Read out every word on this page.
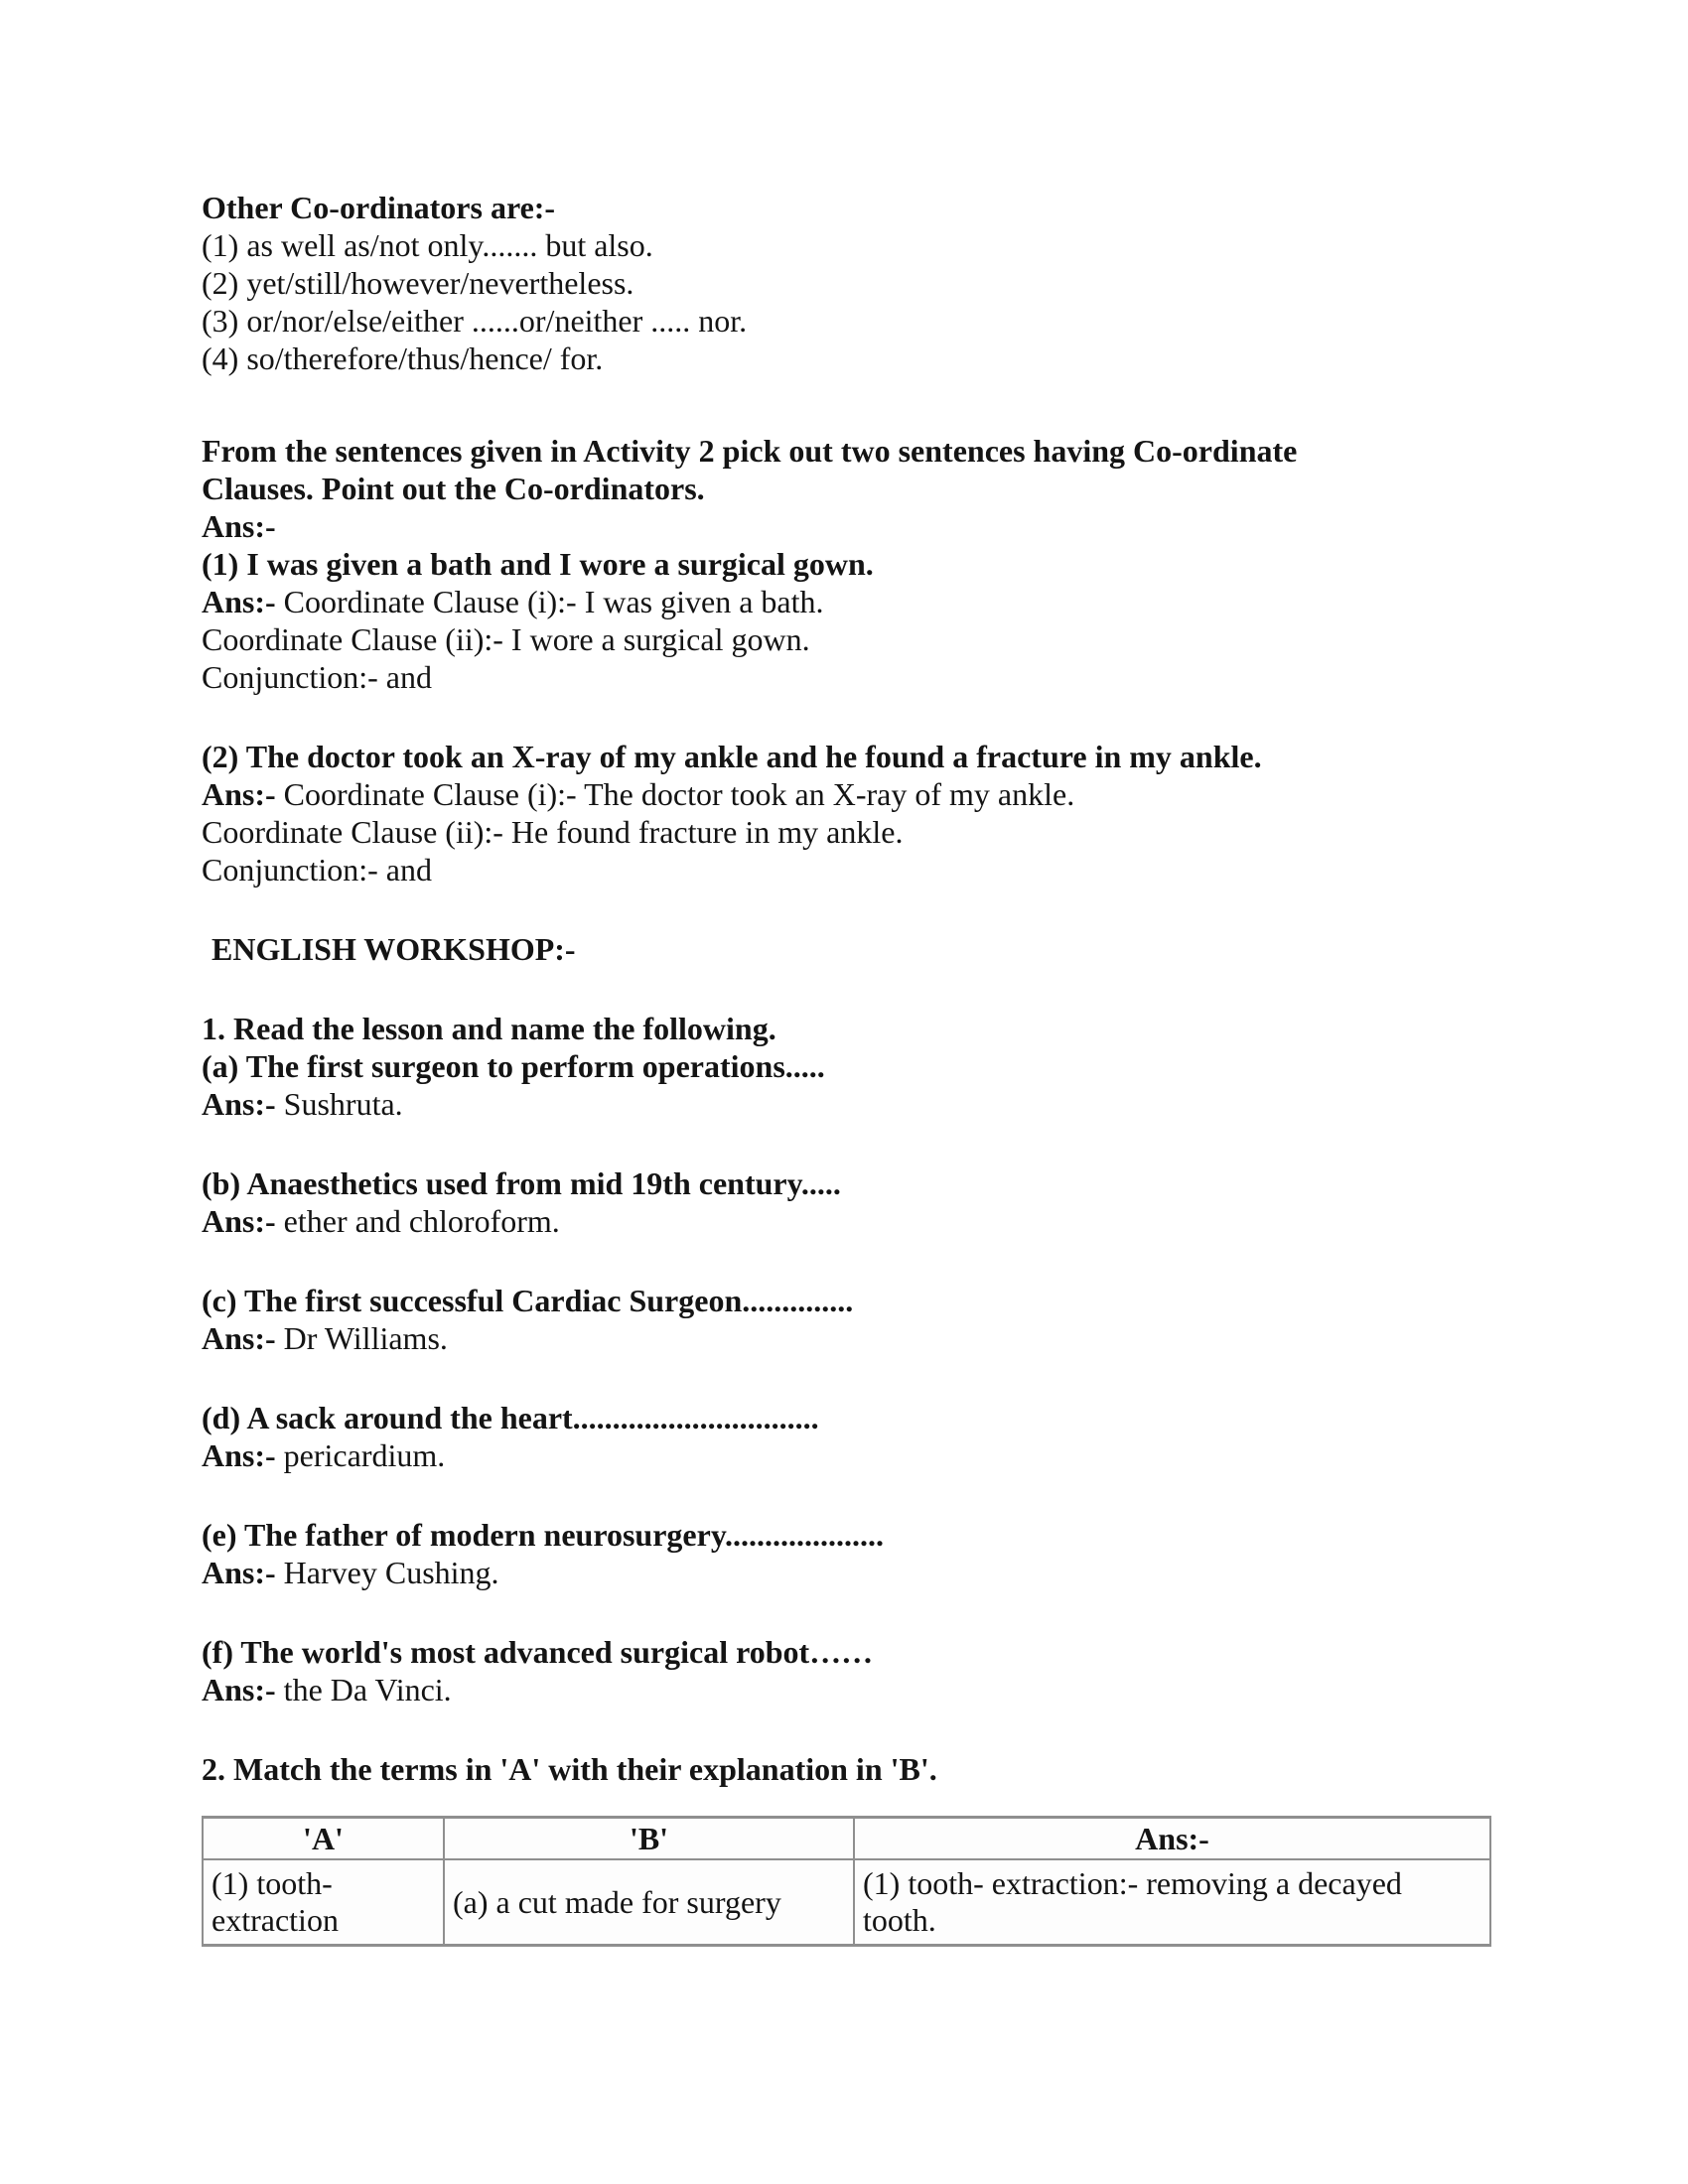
Other Co-ordinators are:-

(1) as well as/not only....... but also.

(2) yet/still/however/nevertheless.

(3) or/nor/else/either ......or/neither ..... nor.

(4) so/therefore/thus/hence/ for.

From the sentences given in Activity 2 pick out two sentences having Co-ordinate

Clauses. Point out the Co-ordinators.

Ans:-

(1) I was given a bath and I wore a surgical gown.

Ans:- Coordinate Clause (i):- I was given a bath.

Coordinate Clause (ii):- I wore a surgical gown.

Conjunction:- and

(2) The doctor took an X-ray of my ankle and he found a fracture in my ankle.

Ans:- Coordinate Clause (i):- The doctor took an X-ray of my ankle.

Coordinate Clause (ii):- He found fracture in my ankle.

Conjunction:- and

ENGLISH WORKSHOP:-

1. Read the lesson and name the following.

(a) The first surgeon to perform operations.....

Ans:- Sushruta.

(b) Anaesthetics used from mid 19th century.....

Ans:- ether and chloroform.

(c) The first successful Cardiac Surgeon..............

Ans:- Dr Williams.

(d) A sack around the heart...............................

Ans:- pericardium.

(e) The father of modern neurosurgery....................

Ans:- Harvey Cushing.

(f) The world's most advanced surgical robot……

Ans:- the Da Vinci.

2. Match the terms in 'A' with their explanation in 'B'.

'A'	'B'	Ans:-
(1) tooth-extraction	(a) a cut made for surgery	(1) tooth- extraction:- removing a decayed tooth.
